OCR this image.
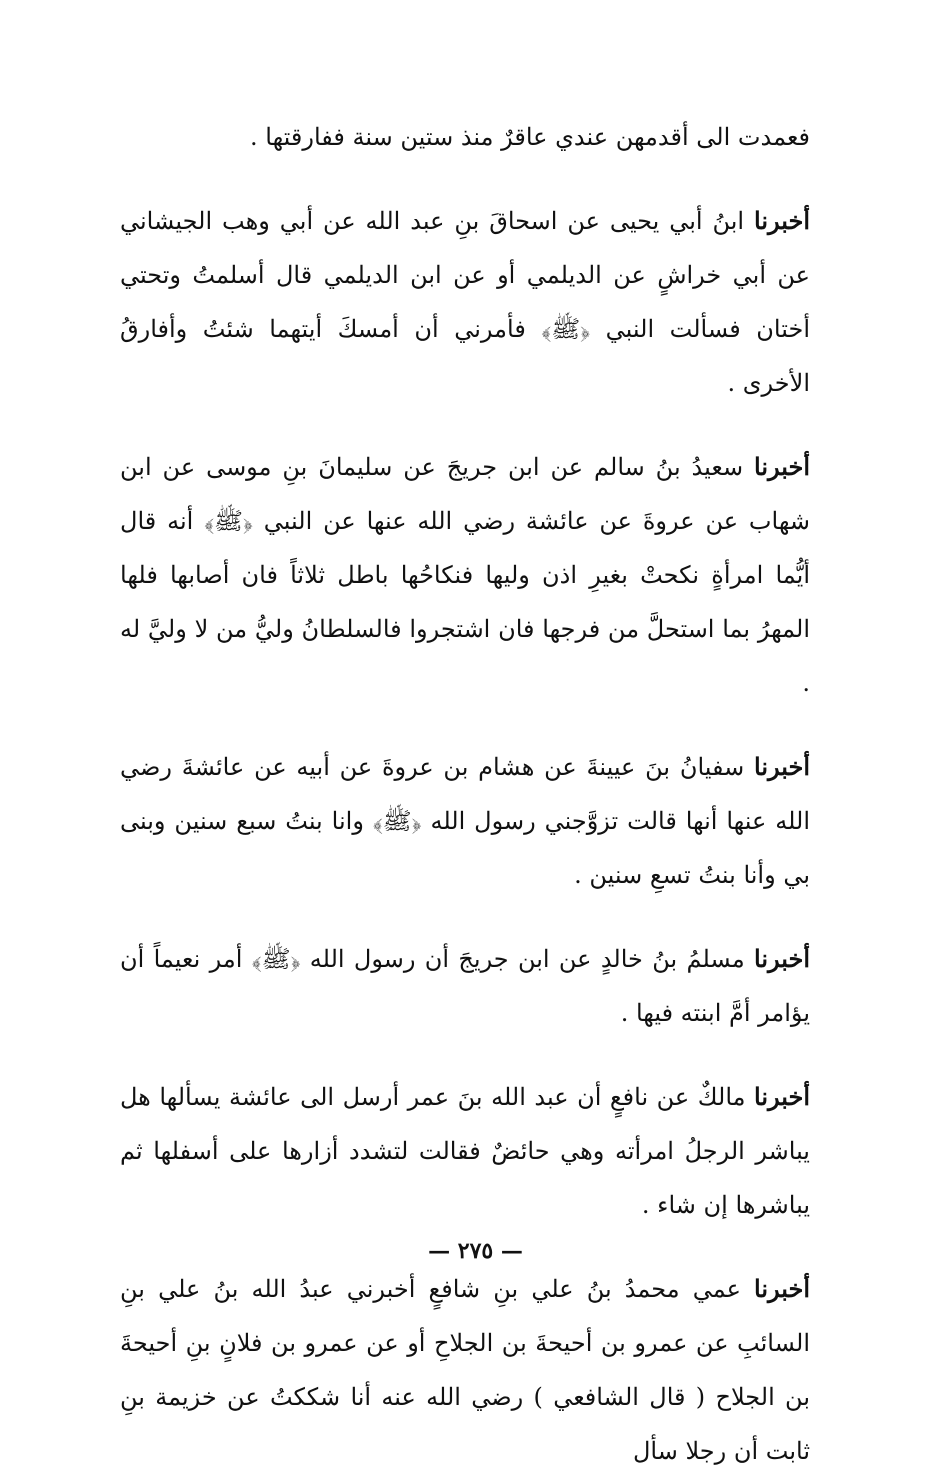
فعمدت الى أقدمهن عندي عاقرٌ منذ ستين سنة ففارقتها .

أخبرنا ابنُ أبي يحيى عن اسحاقَ بنِ عبد الله عن أبي وهب الجيشاني عن أبي خراشٍ عن الديلمي أو عن ابن الديلمي قال أسلمتُ وتحتي أختان فسألت النبي ﴿ﷺ﴾ فأمرني أن أمسكَ أيتهما شئتُ وأفارقُ الأخرى .

أخبرنا سعيدُ بنُ سالم عن ابن جريجَ عن سليمانَ بنِ موسى عن ابن شهاب عن عروةَ عن عائشة رضي الله عنها عن النبي ﴿ﷺ﴾ أنه قال أيُّما امرأةٍ نكحتْ بغيرِ اذن وليها فنكاحُها باطل ثلاثاً فان أصابها فلها المهرُ بما استحلَّ من فرجها فان اشتجروا فالسلطانُ وليُّ من لا وليَّ له .

أخبرنا سفيانُ بنَ عيينةَ عن هشام بن عروةَ عن أبيه عن عائشةَ رضي الله عنها أنها قالت تزوَّجني رسول الله ﴿ﷺ﴾ وانا بنتُ سبع سنين وبنى بي وأنا بنتُ تسعِ سنين .

أخبرنا مسلمُ بنُ خالدٍ عن ابن جريجَ أن رسول الله ﴿ﷺ﴾ أمر نعيماً أن يؤامر أمَّ ابنته فيها .

أخبرنا مالكٌ عن نافعٍ أن عبد الله بنَ عمر أرسل الى عائشة يسألها هل يباشر الرجلُ امرأته وهي حائضٌ فقالت لتشدد أزارها على أسفلها ثم يباشرها إن شاء .

أخبرنا عمي محمدُ بنُ علي بنِ شافعٍ أخبرني عبدُ الله بنُ علي بنِ السائبِ عن عمرو بن أحيحةَ بن الجلاحِ أو عن عمرو بن فلانٍ بنِ أحيحةَ بن الجلاح ( قال الشافعي ) رضي الله عنه أنا شككتُ عن خزيمة بنِ ثابت أن رجلا سأل

— ٢٧٥ —
